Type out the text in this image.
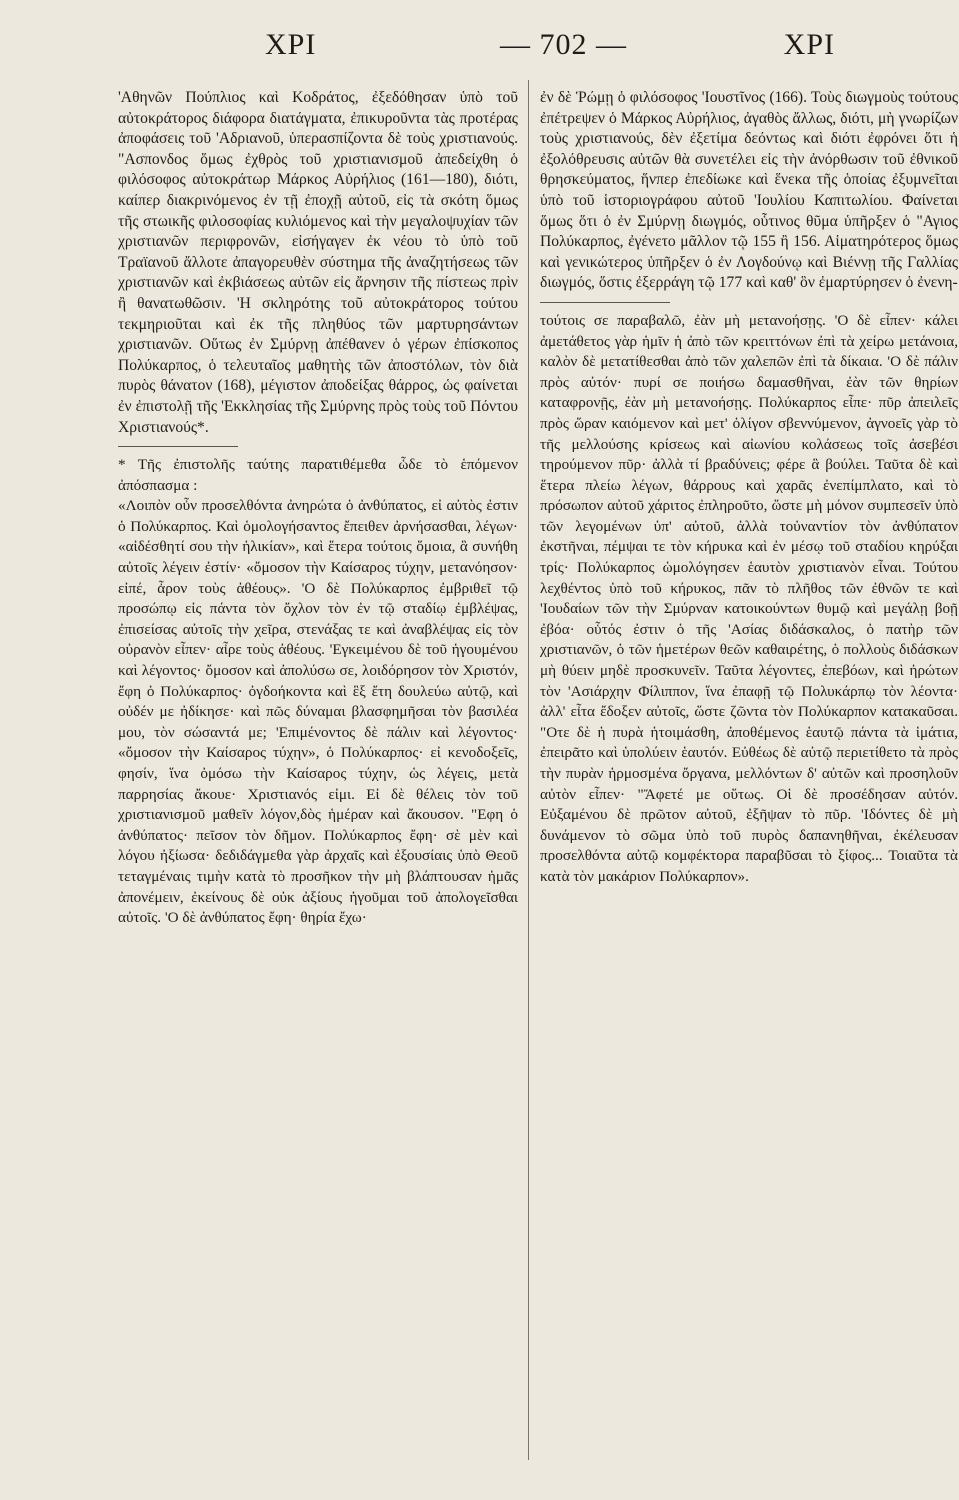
ΧΡΙ	— 702 —	ΧΡΙ

'Αθηνῶν Πούπλιος καὶ Κοδράτος, ἐξεδόθησαν ὑπὸ τοῦ αὐτοκράτορος διάφορα διατάγματα, ἐπικυροῦντα τὰς προτέρας ἀποφάσεις τοῦ 'Αδριανοῦ, ὑπερασπίζοντα δὲ τοὺς χριστιανούς. "Ασπονδος ὅμως ἐχθρὸς τοῦ χριστιανισμοῦ ἀπεδείχθη ὁ φιλόσοφος αὐτοκράτωρ Μάρκος Αὐρήλιος (161—180), διότι, καίπερ διακρινόμενος ἐν τῇ ἐποχῇ αὐτοῦ, εἰς τὰ σκότη ὅμως τῆς στωικῆς φιλοσοφίας κυλιόμενος καὶ τὴν μεγαλοψυχίαν τῶν χριστιανῶν περιφρονῶν, εἰσήγαγεν ἐκ νέου τὸ ὑπὸ τοῦ Τραϊανοῦ ἄλλοτε ἀπαγορευθὲν σύστημα τῆς ἀναζητήσεως τῶν χριστιανῶν καὶ ἐκβιάσεως αὐτῶν εἰς ἄρνησιν τῆς πίστεως πρὶν ἢ θανατωθῶσιν. 'Η σκληρότης τοῦ αὐτοκράτορος τούτου τεκμηριοῦται καὶ ἐκ τῆς πληθύος τῶν μαρτυρησάντων χριστιανῶν. Οὕτως ἐν Σμύρνῃ ἀπέθανεν ὁ γέρων ἐπίσκοπος Πολύκαρπος, ὁ τελευταῖος μαθητὴς τῶν ἀποστόλων, τὸν διὰ πυρὸς θάνατον (168), μέγιστον ἀποδείξας θάρρος, ὡς φαίνεται ἐν ἐπιστολῇ τῆς 'Εκκλησίας τῆς Σμύρνης πρὸς τοὺς τοῦ Πόντου Χριστιανούς*.

* Τῆς ἐπιστολῆς ταύτης παρατιθέμεθα ὧδε τὸ ἑπόμενον ἀπόσπασμα :

«Λοιπὸν οὖν προσελθόντα ἀνηρώτα ὁ ἀνθύπατος, εἰ αὐτὸς ἐστιν ὁ Πολύκαρπος. Καὶ ὁμολογήσαντος ἔπειθεν ἀρνήσασθαι, λέγων· «αἰδέσθητί σου τὴν ἡλικίαν», καὶ ἕτερα τούτοις ὅμοια, ἃ συνήθη αὐτοῖς λέγειν ἐστίν· «ὄμοσον τὴν Καίσαρος τύχην, μετανόησον· εἰπέ, ἆρον τοὺς ἀθέους». 'Ο δὲ Πολύκαρπος ἐμβριθεῖ τῷ προσώπῳ εἰς πάντα τὸν ὄχλον τὸν ἐν τῷ σταδίῳ ἐμβλέψας, ἐπισείσας αὐτοῖς τὴν χεῖρα, στενάξας τε καὶ ἀναβλέψας εἰς τὸν οὐρανὸν εἶπεν· αἶρε τοὺς ἀθέους. 'Εγκειμένου δὲ τοῦ ἡγουμένου καὶ λέγοντος· ὄμοσον καὶ ἀπολύσω σε, λοιδόρησον τὸν Χριστόν, ἔφη ὁ Πολύκαρπος· ὀγδοήκοντα καὶ ἓξ ἔτη δουλεύω αὐτῷ, καὶ οὐδέν με ἠδίκησε· καὶ πῶς δύναμαι βλασφημῆσαι τὸν βασιλέα μου, τὸν σώσαντά με; 'Επιμένοντος δὲ πάλιν καὶ λέγοντος· «ὄμοσον τὴν Καίσαρος τύχην», ὁ Πολύκαρπος· εἰ κενοδοξεῖς, φησίν, ἵνα ὀμόσω τὴν Καίσαρος τύχην, ὡς λέγεις, μετὰ παρρησίας ἄκουε· Χριστιανός εἰμι. Εἰ δὲ θέλεις τὸν τοῦ χριστιανισμοῦ μαθεῖν λόγον,δὸς ἡμέραν καὶ ἄκουσον. "Εφη ὁ ἀνθύπατος· πεῖσον τὸν δῆμον. Πολύκαρπος ἔφη· σὲ μὲν καὶ λόγου ἠξίωσα· δεδιδάγμεθα γὰρ ἀρχαῖς καὶ ἐξουσίαις ὑπὸ Θεοῦ τεταγμέναις τιμὴν κατὰ τὸ προσῆκον τὴν μὴ βλάπτουσαν ἡμᾶς ἀπονέμειν, ἐκείνους δὲ οὐκ ἀξίους ἡγοῦμαι τοῦ ἀπολογεῖσθαι αὐτοῖς. 'Ο δὲ ἀνθύπατος ἔφη· θηρία ἔχω·

ἐν δὲ Ῥώμῃ ὁ φιλόσοφος 'Ιουστῖνος (166). Τοὺς διωγμοὺς τούτους ἐπέτρεψεν ὁ Μάρκος Αὐρήλιος, ἀγαθὸς ἄλλως, διότι, μὴ γνωρίζων τοὺς χριστιανούς, δὲν ἐξετίμα δεόντως καὶ διότι ἐφρόνει ὅτι ἡ ἐξολόθρευσις αὐτῶν θὰ συνετέλει εἰς τὴν ἀνόρθωσιν τοῦ ἐθνικοῦ θρησκεύματος, ἥνπερ ἐπεδίωκε καὶ ἕνεκα τῆς ὁποίας ἐξυμνεῖται ὑπὸ τοῦ ἱστοριογράφου αὐτοῦ 'Ιουλίου Καπιτωλίου. Φαίνεται ὅμως ὅτι ὁ ἐν Σμύρνῃ διωγμός, οὗτινος θῦμα ὑπῆρξεν ὁ "Αγιος Πολύκαρπος, ἐγένετο μᾶλλον τῷ 155 ἢ 156. Αἱματηρότερος ὅμως καὶ γενικώτερος ὑπῆρξεν ὁ ἐν Λογδούνῳ καὶ Βιέννῃ τῆς Γαλλίας διωγμός, ὅστις ἐξερράγη τῷ 177 καὶ καθ' ὃν ἐμαρτύρησεν ὁ ἐνενη-

τούτοις σε παραβαλῶ, ἐὰν μὴ μετανοήσῃς. 'Ο δὲ εἶπεν· κάλει ἀμετάθετος γὰρ ἡμῖν ἡ ἀπὸ τῶν κρειττόνων ἐπὶ τὰ χείρω μετάνοια, καλὸν δὲ μετατίθεσθαι ἀπὸ τῶν χαλεπῶν ἐπὶ τὰ δίκαια. 'Ο δὲ πάλιν πρὸς αὐτόν· πυρί σε ποιήσω δαμασθῆναι, ἐὰν τῶν θηρίων καταφρονῇς, ἐὰν μὴ μετανοήσῃς. Πολύκαρπος εἶπε· πῦρ ἀπειλεῖς πρὸς ὥραν καιόμενον καὶ μετ' ὀλίγον σβεννύμενον, ἀγνοεῖς γὰρ τὸ τῆς μελλούσης κρίσεως καὶ αἰωνίου κολάσεως τοῖς ἀσεβέσι τηρούμενον πῦρ· ἀλλὰ τί βραδύνεις; φέρε ἃ βούλει. Ταῦτα δὲ καὶ ἕτερα πλείω λέγων, θάρρους καὶ χαρᾶς ἐνεπίμπλατο, καὶ τὸ πρόσωπον αὐτοῦ χάριτος ἐπληροῦτο, ὥστε μὴ μόνον συμπεσεῖν ὑπὸ τῶν λεγομένων ὑπ' αὐτοῦ, ἀλλὰ τοὐναντίον τὸν ἀνθύπατον ἐκστῆναι, πέμψαι τε τὸν κήρυκα καὶ ἐν μέσῳ τοῦ σταδίου κηρύξαι τρίς· Πολύκαρπος ὡμολόγησεν ἑαυτὸν χριστιανὸν εἶναι. Τούτου λεχθέντος ὑπὸ τοῦ κήρυκος, πᾶν τὸ πλῆθος τῶν ἐθνῶν τε καὶ 'Ιουδαίων τῶν τὴν Σμύρναν κατοικούντων θυμῷ καὶ μεγάλῃ βοῇ ἐβόα· οὗτός ἐστιν ὁ τῆς 'Ασίας διδάσκαλος, ὁ πατὴρ τῶν χριστιανῶν, ὁ τῶν ἡμετέρων θεῶν καθαιρέτης, ὁ πολλοὺς διδάσκων μὴ θύειν μηδὲ προσκυνεῖν. Ταῦτα λέγοντες, ἐπεβόων, καὶ ἠρώτων τὸν 'Ασιάρχην Φίλιππον, ἵνα ἐπαφῇ τῷ Πολυκάρπῳ τὸν λέοντα· ἀλλ' εἶτα ἔδοξεν αὐτοῖς, ὥστε ζῶντα τὸν Πολύκαρπον κατακαῦσαι. "Οτε δὲ ἡ πυρὰ ἡτοιμάσθη, ἀποθέμενος ἑαυτῷ πάντα τὰ ἱμάτια, ἐπειρᾶτο καὶ ὑπολύειν ἑαυτόν. Εὐθέως δὲ αὐτῷ περιετίθετο τὰ πρὸς τὴν πυρὰν ἡρμοσμένα ὄργανα, μελλόντων δ' αὐτῶν καὶ προσηλοῦν αὐτὸν εἶπεν· "Ἄφετέ με οὕτως. Οἱ δὲ προσέδησαν αὐτόν. Εὐξαμένου δὲ πρῶτον αὐτοῦ, ἐξῆψαν τὸ πῦρ. 'Ιδόντες δὲ μὴ δυνάμενον τὸ σῶμα ὑπὸ τοῦ πυρὸς δαπανηθῆναι, ἐκέλευσαν προσελθόντα αὐτῷ κομφέκτορα παραβῦσαι τὸ ξίφος... Τοιαῦτα τὰ κατὰ τὸν μακάριον Πολύκαρπον».
